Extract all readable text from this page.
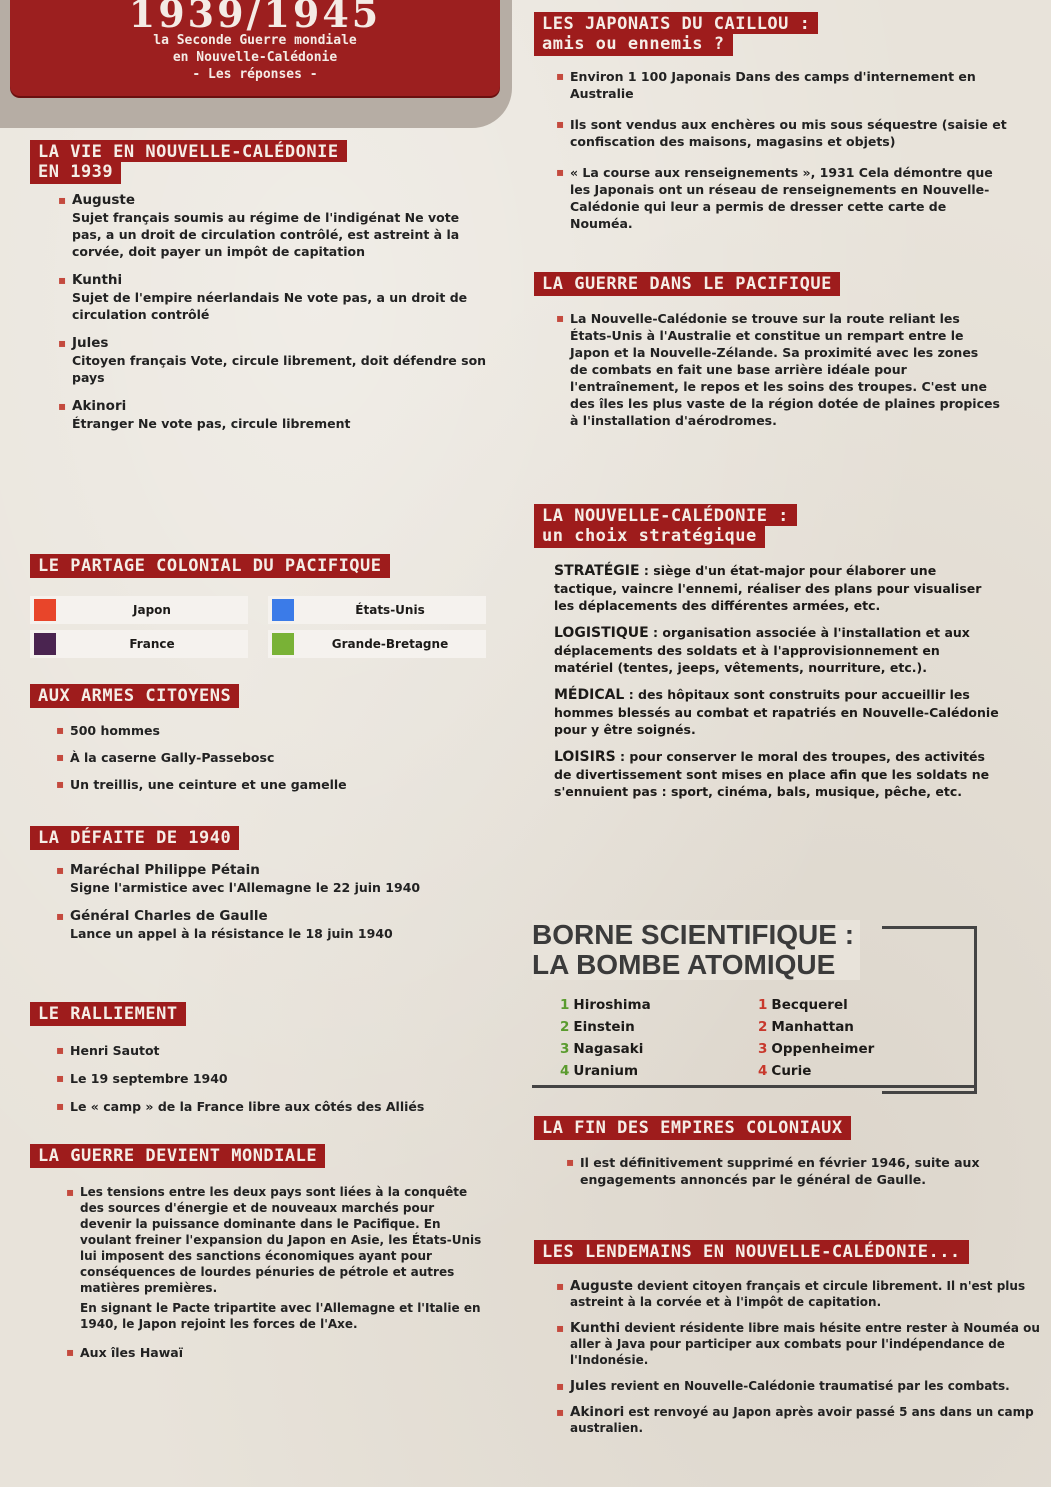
1939/1945
la Seconde Guerre mondiale
en Nouvelle-Calédonie
- Les réponses -
LA VIE EN NOUVELLE-CALÉDONIE
EN 1939
▪ Auguste
Sujet français soumis au régime de l'indigénat Ne vote pas, a un droit de circulation contrôlé, est astreint à la corvée, doit payer un impôt de capitation
▪ Kunthi
Sujet de l'empire néerlandais Ne vote pas, a un droit de circulation contrôlé
▪ Jules
Citoyen français Vote, circule librement, doit défendre son pays
▪ Akinori
Étranger Ne vote pas, circule librement
LE PARTAGE COLONIAL DU PACIFIQUE
Japon	États-Unis
France	Grande-Bretagne
AUX ARMES CITOYENS
▪ 500 hommes
▪ À la caserne Gally-Passebosc
▪ Un treillis, une ceinture et une gamelle
LA DÉFAITE DE 1940
▪ Maréchal Philippe Pétain
Signe l'armistice avec l'Allemagne le 22 juin 1940
▪ Général Charles de Gaulle
Lance un appel à la résistance le 18 juin 1940
LE RALLIEMENT
▪ Henri Sautot
▪ Le 19 septembre 1940
▪ Le « camp » de la France libre aux côtés des Alliés
LA GUERRE DEVIENT MONDIALE
▪ Les tensions entre les deux pays sont liées à la conquête des sources d'énergie et de nouveaux marchés pour devenir la puissance dominante dans le Pacifique. En voulant freiner l'expansion du Japon en Asie, les États-Unis lui imposent des sanctions économiques ayant pour conséquences de lourdes pénuries de pétrole et autres matières premières.
En signant le Pacte tripartite avec l'Allemagne et l'Italie en 1940, le Japon rejoint les forces de l'Axe.
▪ Aux îles Hawaï
LES JAPONAIS DU CAILLOU :
amis ou ennemis ?
▪ Environ 1 100 Japonais Dans des camps d'internement en Australie
▪ Ils sont vendus aux enchères ou mis sous séquestre (saisie et confiscation des maisons, magasins et objets)
▪ « La course aux renseignements », 1931 Cela démontre que les Japonais ont un réseau de renseignements en Nouvelle-Calédonie qui leur a permis de dresser cette carte de Nouméa.
LA GUERRE DANS LE PACIFIQUE
▪ La Nouvelle-Calédonie se trouve sur la route reliant les États-Unis à l'Australie et constitue un rempart entre le Japon et la Nouvelle-Zélande. Sa proximité avec les zones de combats en fait une base arrière idéale pour l'entraînement, le repos et les soins des troupes. C'est une des îles les plus vaste de la région dotée de plaines propices à l'installation d'aérodromes.
LA NOUVELLE-CALÉDONIE :
un choix stratégique

STRATÉGIE : siège d'un état-major pour élaborer une tactique, vaincre l'ennemi, réaliser des plans pour visualiser les déplacements des différentes armées, etc.

LOGISTIQUE : organisation associée à l'installation et aux déplacements des soldats et à l'approvisionnement en matériel (tentes, jeeps, vêtements, nourriture, etc.).

MÉDICAL : des hôpitaux sont construits pour accueillir les hommes blessés au combat et rapatriés en Nouvelle-Calédonie pour y être soignés.

LOISIRS : pour conserver le moral des troupes, des activités de divertissement sont mises en place afin que les soldats ne s'ennuient pas : sport, cinéma, bals, musique, pêche, etc.

BORNE SCIENTIFIQUE :
LA BOMBE ATOMIQUE
1 Hiroshima
2 Einstein
3 Nagasaki
4 Uranium
1 Becquerel
2 Manhattan
3 Oppenheimer
4 Curie
LA FIN DES EMPIRES COLONIAUX
▪ Il est définitivement supprimé en février 1946, suite aux engagements annoncés par le général de Gaulle.
LES LENDEMAINS EN NOUVELLE-CALÉDONIE...
▪ Auguste devient citoyen français et circule librement. Il n'est plus astreint à la corvée et à l'impôt de capitation.
▪ Kunthi devient résidente libre mais hésite entre rester à Nouméa ou aller à Java pour participer aux combats pour l'indépendance de l'Indonésie.
▪ Jules revient en Nouvelle-Calédonie traumatisé par les combats.
▪ Akinori est renvoyé au Japon après avoir passé 5 ans dans un camp australien.
